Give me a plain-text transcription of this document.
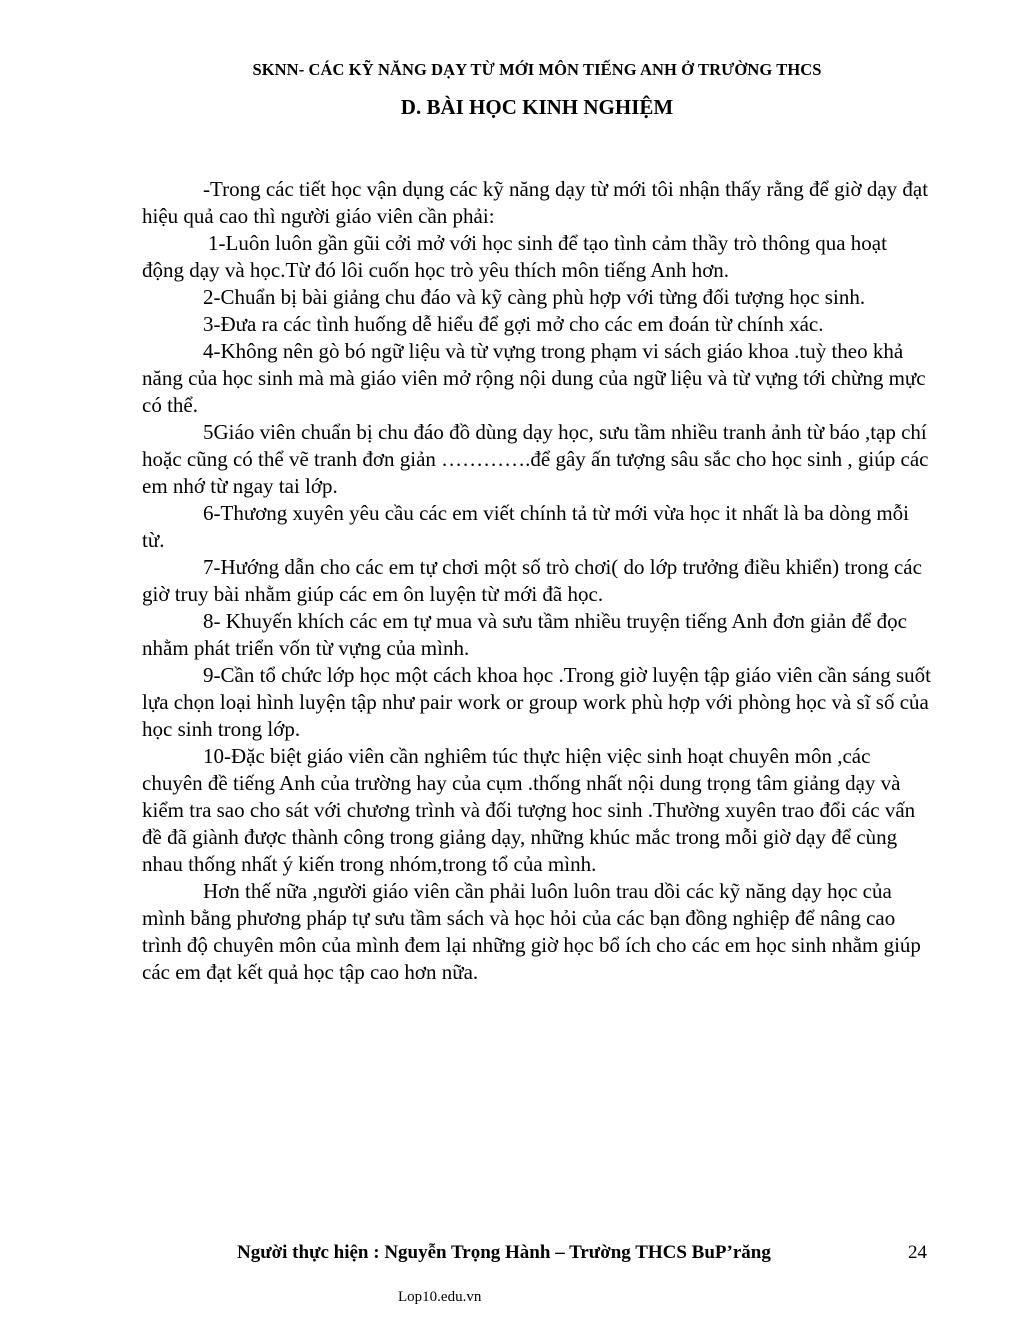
SKNN- CÁC KỸ NĂNG DẠY TỪ MỚI MÔN TIẾNG ANH Ở TRƯỜNG THCS
D. BÀI HỌC KINH NGHIỆM

-Trong các tiết học vận dụng các kỹ năng dạy từ mới tôi nhận thấy rằng để giờ dạy đạt hiệu quả cao thì người giáo viên cần phải:

1-Luôn luôn gần gũi cởi mở với học sinh để tạo tình cảm thầy trò thông qua hoạt động dạy và học.Từ đó lôi cuốn học trò yêu thích môn tiếng Anh hơn.

2-Chuẩn bị bài giảng chu đáo và kỹ càng phù hợp với từng đối tượng học sinh.

3-Đưa ra các tình huống dễ hiểu để gợi mở cho các em đoán từ chính xác.

4-Không nên gò bó ngữ liệu và từ vựng trong phạm vi sách giáo khoa .tuỳ theo khả năng của học sinh mà mà giáo viên mở rộng nội dung của ngữ liệu và từ vựng tới chừng mực có thể.

5Giáo viên chuẩn bị chu đáo đồ dùng dạy học, sưu tầm nhiều tranh ảnh từ báo ,tạp chí hoặc cũng có thể vẽ tranh đơn giản ………….để gây ấn tượng sâu sắc cho học sinh , giúp các em nhớ từ ngay tai lớp.

6-Thương xuyên yêu cầu các em viết chính tả từ mới vừa học it nhất là ba dòng mỗi từ.

7-Hướng dẫn cho các em tự chơi một số trò chơi( do lớp trưởng điều khiển) trong các giờ truy bài nhằm giúp các em ôn luyện từ mới đã học.

8- Khuyến khích các em tự mua và sưu tầm nhiều truyện tiếng Anh đơn giản để đọc nhằm phát triển vốn từ vựng của mình.

9-Cần tổ chức lớp học một cách khoa học .Trong giờ luyện tập giáo viên cần sáng suốt lựa chọn loại hình luyện tập như pair work or group work phù hợp với phòng học và sĩ số của học sinh trong lớp.

10-Đặc biệt giáo viên cần nghiêm túc thực hiện việc sinh hoạt chuyên môn ,các chuyên đề tiếng Anh của trường hay của cụm .thống nhất nội dung trọng tâm giảng dạy và kiểm tra sao cho sát với chương trình và đối tượng hoc sinh .Thường xuyên trao đổi các vấn đề đã giành được thành công trong giảng dạy, những khúc mắc trong mỗi giờ dạy để cùng nhau thống nhất ý kiến trong nhóm,trong tổ của mình.

Hơn thế nữa ,người giáo viên cần phải luôn luôn trau dồi các kỹ năng dạy học của mình bằng phương pháp tự sưu tầm sách và học hỏi của các bạn đồng nghiệp để nâng cao trình độ chuyên môn của mình đem lại những giờ học bổ ích cho các em học sinh nhằm giúp các em đạt kết quả học tập cao hơn nữa.

Người thực hiện : Nguyễn Trọng Hành – Trường THCS BuP’răng	24
Lop10.edu.vn
